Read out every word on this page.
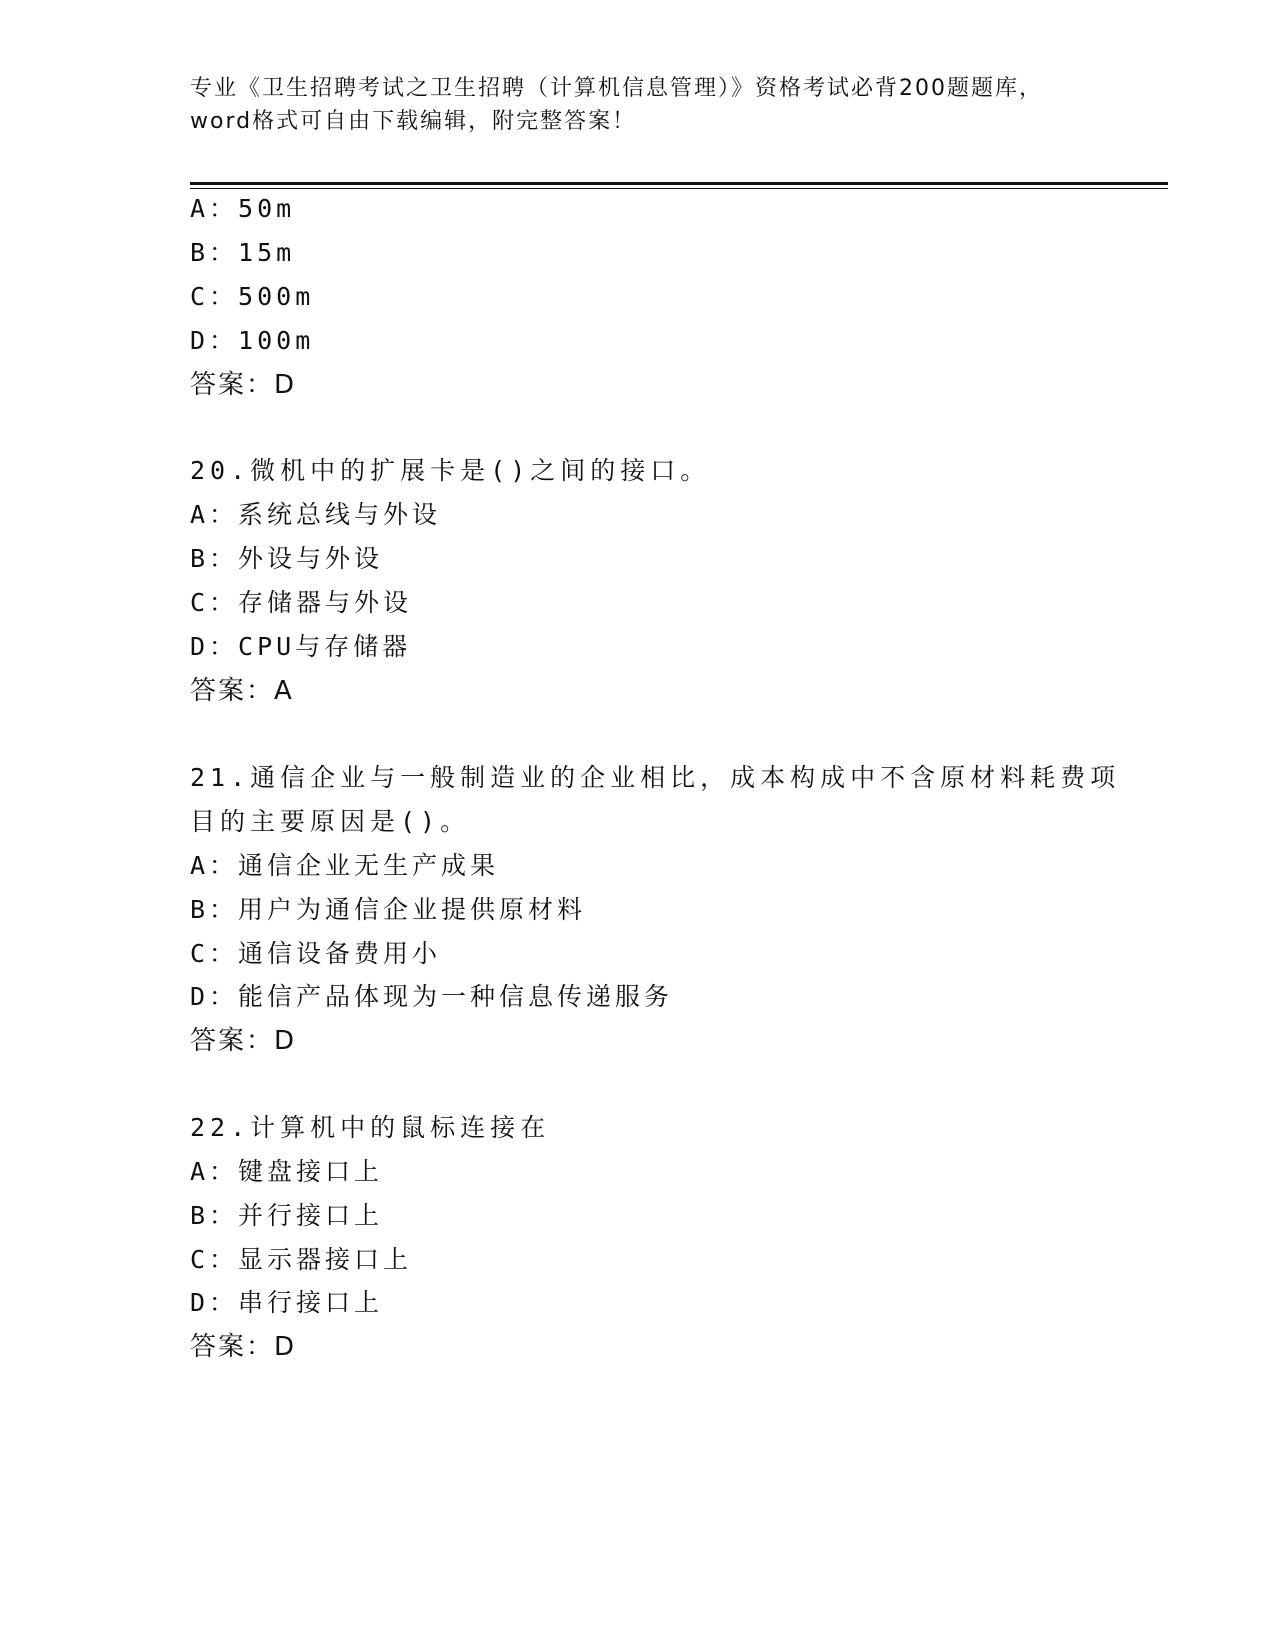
专业《卫生招聘考试之卫生招聘（计算机信息管理）》资格考试必背200题题库，
word格式可自由下载编辑，附完整答案！
A：50m
B：15m
C：500m
D：100m
答案：D
20.微机中的扩展卡是()之间的接口。
A：系统总线与外设
B：外设与外设
C：存储器与外设
D：CPU与存储器
答案：A
21.通信企业与一般制造业的企业相比，成本构成中不含原材料耗费项
目的主要原因是()。
A：通信企业无生产成果
B：用户为通信企业提供原材料
C：通信设备费用小
D：能信产品体现为一种信息传递服务
答案：D
22.计算机中的鼠标连接在
A：键盘接口上
B：并行接口上
C：显示器接口上
D：串行接口上
答案：D
